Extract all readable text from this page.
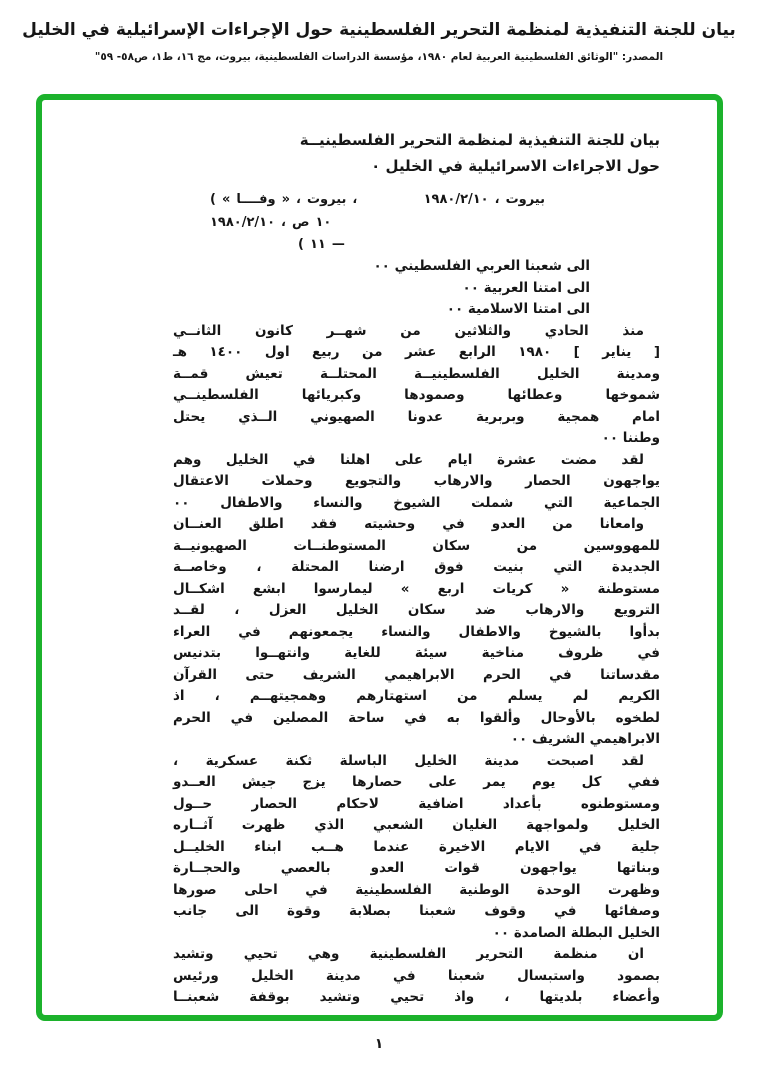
بيان للجنة التنفيذية لمنظمة التحرير الفلسطينية حول الإجراءات الإسرائيلية في الخليل
المصدر: "الوثائق الفلسطينية العربية لعام ١٩٨٠، مؤسسة الدراسات الفلسطينية، بيروت، مج ١٦، ط١، ص٥٨- ٥٩"
بيان للجنة التنفيذية لمنظمة التحرير الفلسطينيــة
حول الاجراءات الاسرائيلية في الخليل ٠
١٩٨٠/٢/١٠ ، بيروت
( « وفــــا » ، بيروت ،
١٩٨٠/٢/١٠ ، ص ١٠
( ١١ —
الى شعبنا العربي الفلسطيني ٠٠
الى امتنا العربية ٠٠
الى امتنا الاسلامية ٠٠
منذ الحادي والثلاثين من شهــر كانون الثانــي
[ يناير ] ١٩٨٠ الرابع عشر من ربيع اول ١٤٠٠ هـ
ومدينة الخليل الفلسطينيــة المحتلــة تعيش قمــة
شموخها وعطائها وصمودها وكبريائها الفلسطينــي
امام همجية وبربرية عدونا الصهيوني الــذي يحتل
وطننا ٠٠
لقد مضت عشرة ايام على اهلنا في الخليل وهم
يواجهون الحصار والارهاب والتجويع وحملات الاعتقال
الجماعية التي شملت الشيوخ والنساء والاطفال ٠٠
وامعانا من العدو في وحشيته فقد اطلق العنــان
للمهووسين من سكان المستوطنــات الصهيونيــة
الجديدة التي بنيت فوق ارضنا المحتلة ، وخاصــة
مستوطنة « كريات اربع » ليمارسوا ابشع اشكــال
الترويع والارهاب ضد سكان الخليل العزل ، لقــد
بدأوا بالشيوخ والاطفال والنساء يجمعونهم في العراء
في ظروف مناخية سيئة للغاية وانتهــوا بتدنيس
مقدساتنا في الحرم الابراهيمي الشريف حتى القرآن
الكريم لم يسلم من استهتارهم وهمجيتهــم ، اذ
لطخوه بالأوحال وألقوا به في ساحة المصلين في الحرم
الابراهيمي الشريف ٠٠
لقد اصبحت مدينة الخليل الباسلة ثكنة عسكرية ،
ففي كل يوم يمر على حصارها يزج جيش العــدو
ومستوطنوه بأعداد اضافية لاحكام الحصار حــول
الخليل ولمواجهة الغليان الشعبي الذي ظهرت آثــاره
جلية في الايام الاخيرة عندما هــب ابناء الخليــل
وبناتها يواجهون قوات العدو بالعصي والحجــارة
وظهرت الوحدة الوطنية الفلسطينية في احلى صورها
وصفائها في وقوف شعبنا بصلابة وقوة الى جانب
الخليل البطلة الصامدة ٠٠
ان منظمة التحرير الفلسطينية وهي تحيي وتشيد
بصمود واستبسال شعبنا في مدينة الخليل ورئيس
وأعضاء بلديتها ، واذ تحيي وتشيد بوقفة شعبنــا
١
